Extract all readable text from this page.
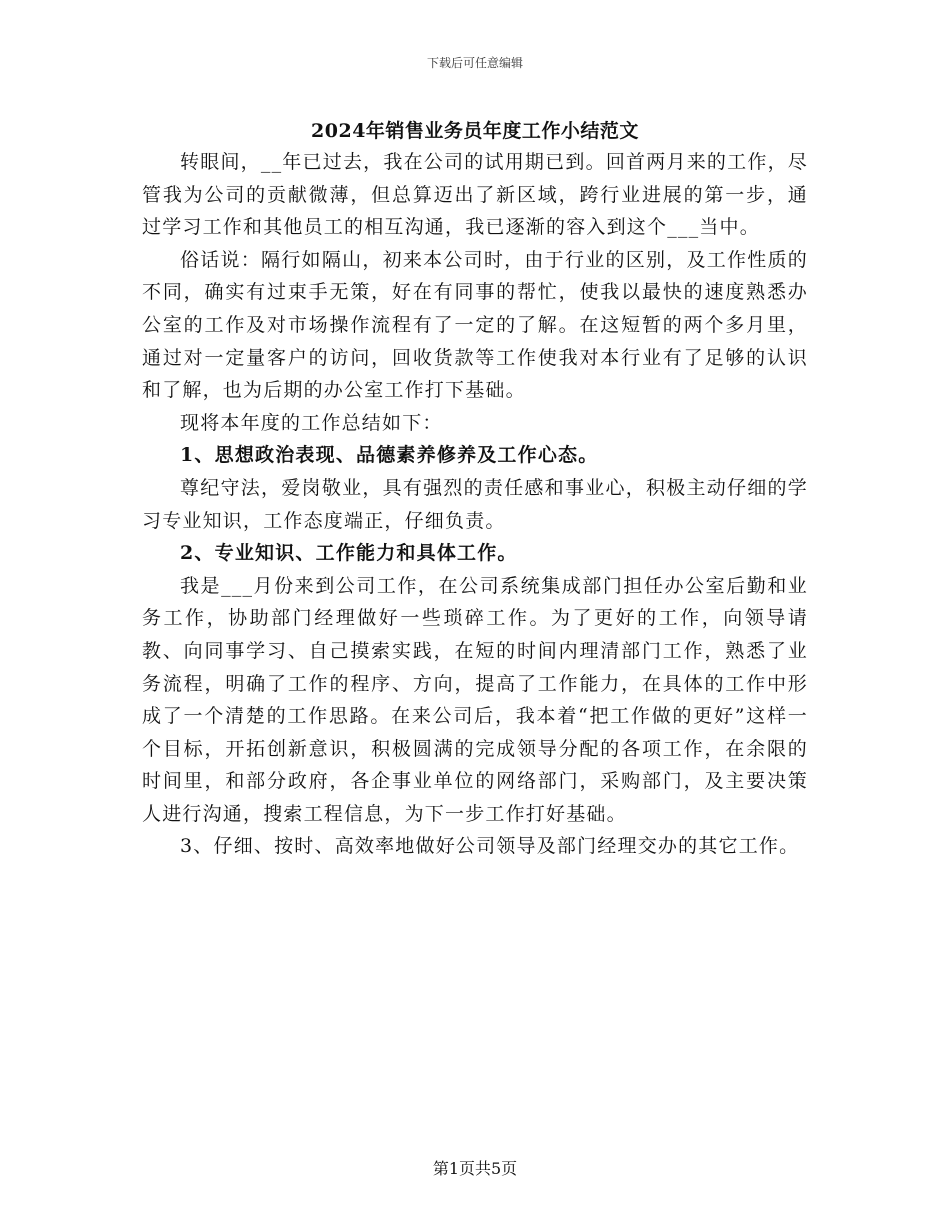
下载后可任意编辑
2024年销售业务员年度工作小结范文

转眼间，__年已过去，我在公司的试用期已到。回首两月来的工作，尽管我为公司的贡献微薄，但总算迈出了新区域，跨行业进展的第一步，通过学习工作和其他员工的相互沟通，我已逐渐的容入到这个___当中。

俗话说：隔行如隔山，初来本公司时，由于行业的区别，及工作性质的不同，确实有过束手无策，好在有同事的帮忙，使我以最快的速度熟悉办公室的工作及对市场操作流程有了一定的了解。在这短暂的两个多月里，通过对一定量客户的访问，回收货款等工作使我对本行业有了足够的认识和了解，也为后期的办公室工作打下基础。

现将本年度的工作总结如下：

1、思想政治表现、品德素养修养及工作心态。

尊纪守法，爱岗敬业，具有强烈的责任感和事业心，积极主动仔细的学习专业知识，工作态度端正，仔细负责。

2、专业知识、工作能力和具体工作。

我是___月份来到公司工作，在公司系统集成部门担任办公室后勤和业务工作，协助部门经理做好一些琐碎工作。为了更好的工作，向领导请教、向同事学习、自己摸索实践，在短的时间内理清部门工作，熟悉了业务流程，明确了工作的程序、方向，提高了工作能力，在具体的工作中形成了一个清楚的工作思路。在来公司后，我本着“把工作做的更好”这样一个目标，开拓创新意识，积极圆满的完成领导分配的各项工作，在余限的时间里，和部分政府，各企事业单位的网络部门，采购部门，及主要决策人进行沟通，搜索工程信息，为下一步工作打好基础。

3、仔细、按时、高效率地做好公司领导及部门经理交办的其它工作。

第1页共5页
